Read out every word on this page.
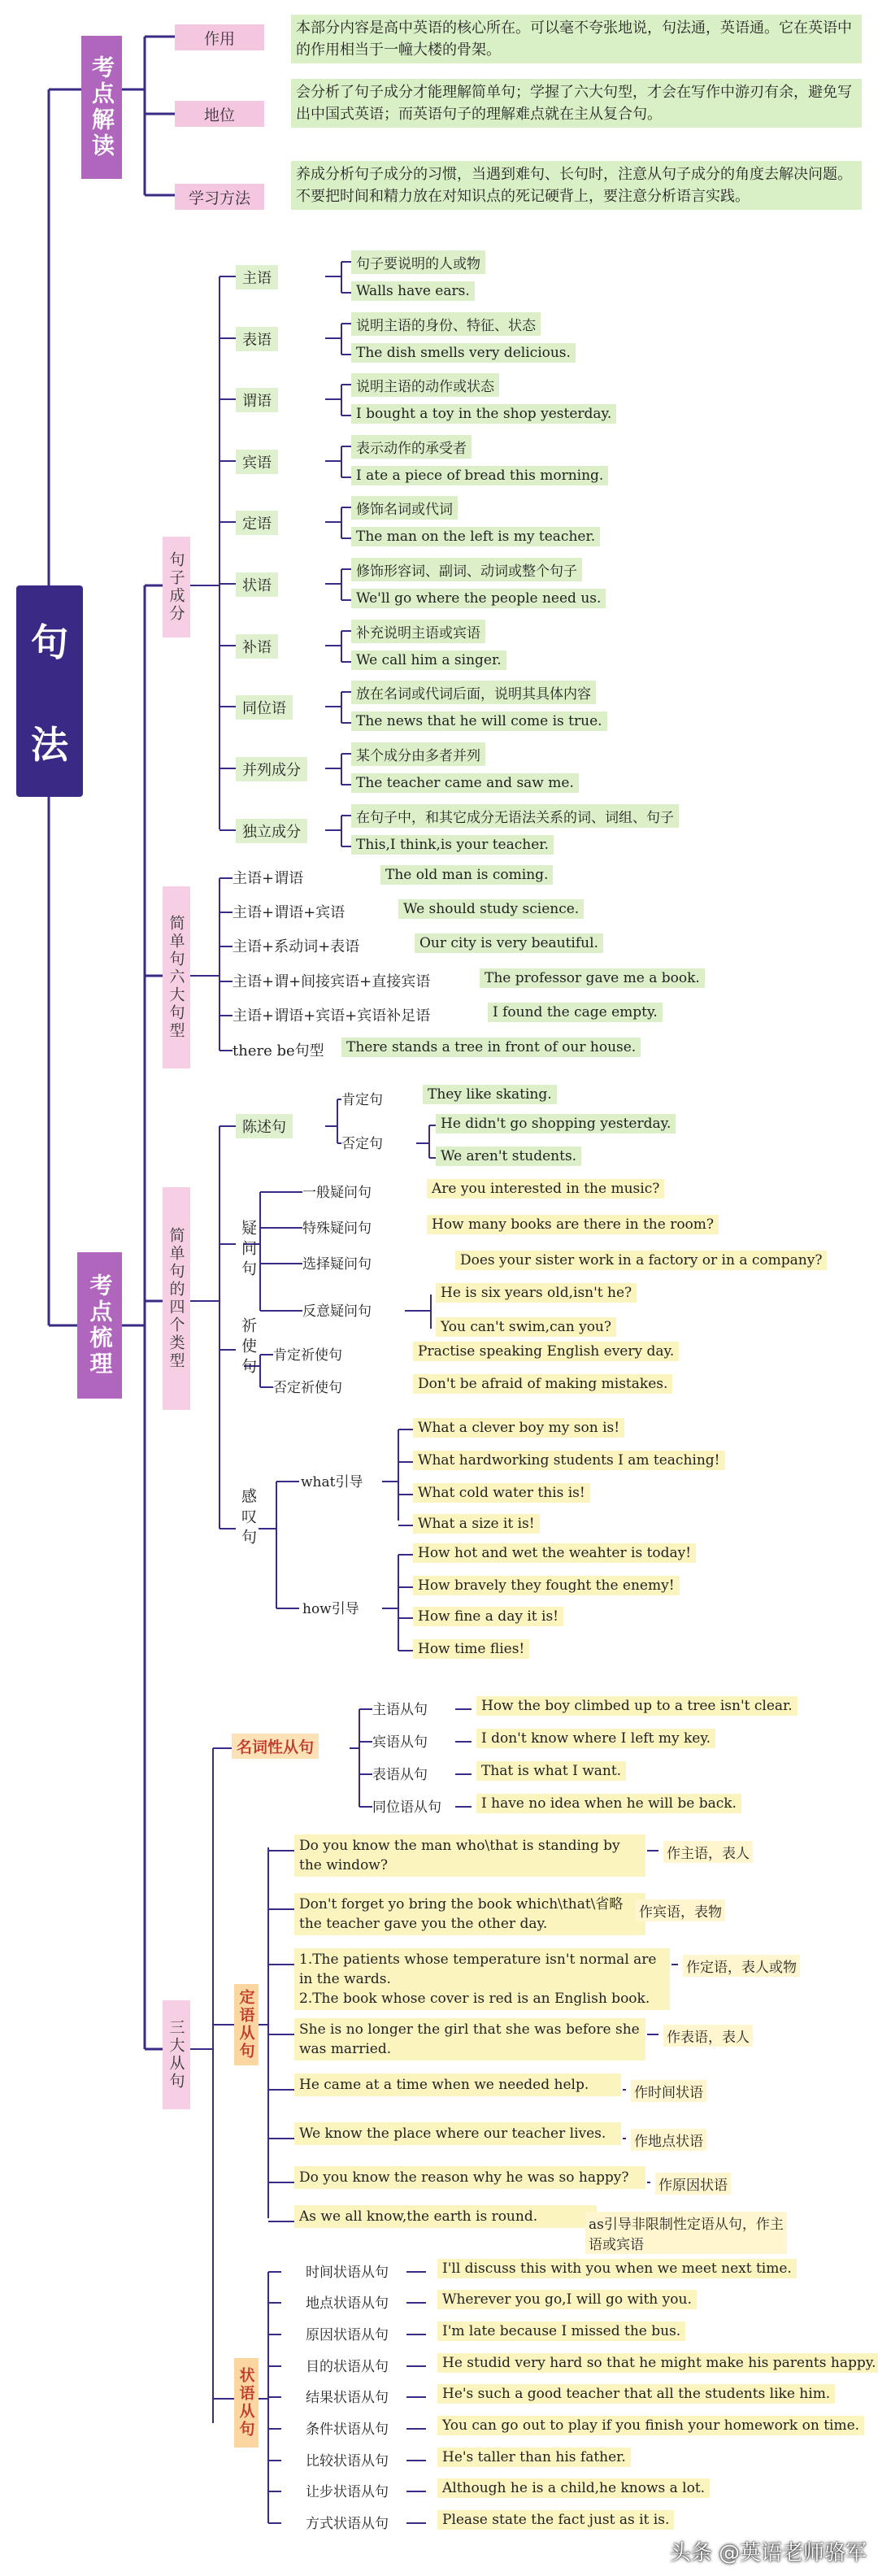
句
法
考点解读
作用
本部分内容是高中英语的核心所在。可以毫不夸张地说，句法通，英语通。它在英语中的作用相当于一幢大楼的骨架。
地位
会分析了句子成分才能理解简单句；学握了六大句型，才会在写作中游刃有余，避免写出中国式英语；而英语句子的理解难点就在主从复合句。
学习方法
养成分析句子成分的习惯，当遇到难句、长句时，注意从句子成分的角度去解决问题。不要把时间和精力放在对知识点的死记硬背上，要注意分析语言实践。
考点梳理
句子成分
主语
句子要说明的人或物
Walls have ears.
表语
说明主语的身份、特征、状态
The dish smells very delicious.
谓语
说明主语的动作或状态
I bought a toy in the shop yesterday.
宾语
表示动作的承受者
I ate a piece of bread this morning.
定语
修饰名词或代词
The man on the left is my teacher.
状语
修饰形容词、副词、动词或整个句子
We'll go where the people need us.
补语
补充说明主语或宾语
We call him a singer.
同位语
放在名词或代词后面，说明其具体内容
The news that he will come is true.
并列成分
某个成分由多者并列
The teacher came and saw me.
独立成分
在句子中，和其它成分无语法关系的词、词组、句子
This,I think,is your teacher.
简单句六大句型
主语+谓语	The old man is coming.
主语+谓语+宾语	We should study science.
主语+系动词+表语	Our city is very beautiful.
主语+谓+间接宾语+直接宾语	The professor gave me a book.
主语+谓语+宾语+宾语补足语	I found the cage empty.
there be句型	There stands a tree in front of our house.
简单句的四个类型
陈述句
肯定句	They like skating.
否定句
He didn't go shopping yesterday.
We aren't students.
疑问句
一般疑问句	Are you interested in the music?
特殊疑问句	How many books are there in the room?
选择疑问句	Does your sister work in a factory or in a company?
反意疑问句
He is six years old,isn't he?
You can't swim,can you?
祈使句 肯定祈使句	Practise speaking English every day.
否定祈使句	Don't be afraid of making mistakes.
感叹句
what引导
how引导
What a clever boy my son is!
What hardworking students I am teaching!
What cold water this is!
What a size it is!
How hot and wet the weahter is today!
How bravely they fought the enemy!
How fine a day it is!
How time flies!
三大从句
名词性从句
主语从句	How the boy climbed up to a tree isn't clear.
宾语从句	I don't know where I left my key.
表语从句	That is what I want.
同位语从句	I have no idea when he will be back.
定语从句
Do you know the man who\that is standing by the window?
作主语，表人
Don't forget yo bring the book which\that\省略the teacher gave you the other day.
作宾语，表物
1.The patients whose temperature isn't normal are in the wards.
2.The book whose cover is red is an English book.
作定语，表人或物
She is no longer the girl that she was before she was married.
作表语，表人
He came at a time when we needed help.	作时间状语
We know the place where our teacher lives.	作地点状语
Do you know the reason why he was so happy?	作原因状语
As we all know,the earth is round.	as引导非限制性定语从句，作主语或宾语
状语从句
时间状语从句	I'll discuss this with you when we meet next time.
地点状语从句	Wherever you go,I will go with you.
原因状语从句	I'm late because I missed the bus.
目的状语从句	He studid very hard so that he might make his parents happy.
结果状语从句	He's such a good teacher that all the students like him.
条件状语从句	You can go out to play if you finish your homework on time.
比较状语从句	He's taller than his father.
让步状语从句	Although he is a child,he knows a lot.
方式状语从句	Please state the fact just as it is.
头条 @英语老师骆军
